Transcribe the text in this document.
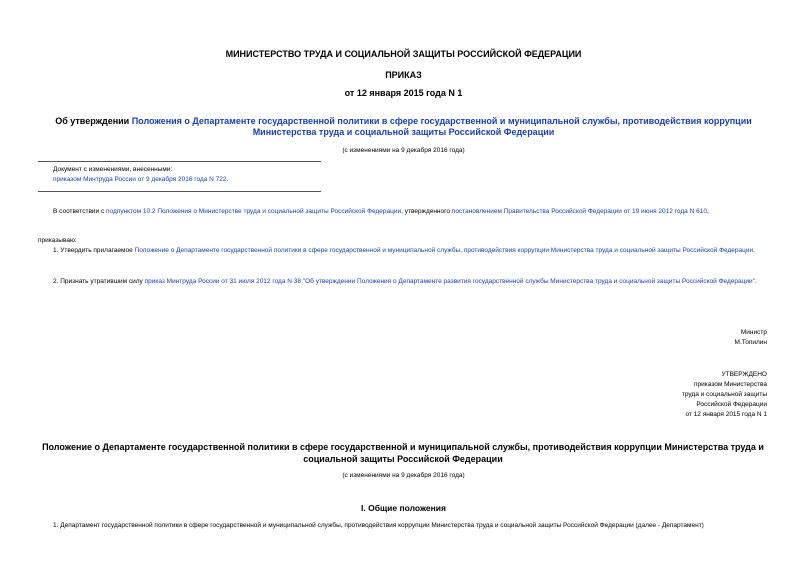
МИНИСТЕРСТВО ТРУДА И СОЦИАЛЬНОЙ ЗАЩИТЫ РОССИЙСКОЙ ФЕДЕРАЦИИ
ПРИКАЗ
от 12 января 2015 года N 1
Об утверждении Положения о Департаменте государственной политики в сфере государственной и муниципальной службы, противодействия коррупции Министерства труда и социальной защиты Российской Федерации
(с изменениями на 9 декабря 2016 года)
Документ с изменениями, внесенными:
приказом Минтруда России от 9 декабря 2016 года N 722.
В соответствии с подпунктом 10.2 Положения о Министерстве труда и социальной защиты Российской Федерации, утвержденного постановлением Правительства Российской Федерации от 19 июня 2012 года N 610,
приказываю:
1. Утвердить прилагаемое Положение о Департаменте государственной политики в сфере государственной и муниципальной службы, противодействия коррупции Министерства труда и социальной защиты Российской Федерации.
2. Признать утратившим силу приказ Минтруда России от 31 июля 2012 года N 38 "Об утверждении Положения о Департаменте развития государственной службы Министерства труда и социальной защиты Российской Федерации".
Министр
М.Топилин
УТВЕРЖДЕНО
приказом Министерства
труда и социальной защиты
Российской Федерации
от 12 января 2015 года N 1
Положение о Департаменте государственной политики в сфере государственной и муниципальной службы, противодействия коррупции Министерства труда и социальной защиты Российской Федерации
(с изменениями на 9 декабря 2016 года)
I. Общие положения
1. Департамент государственной политики в сфере государственной и муниципальной службы, противодействия коррупции Министерства труда и социальной защиты Российской Федерации (далее - Департамент)
